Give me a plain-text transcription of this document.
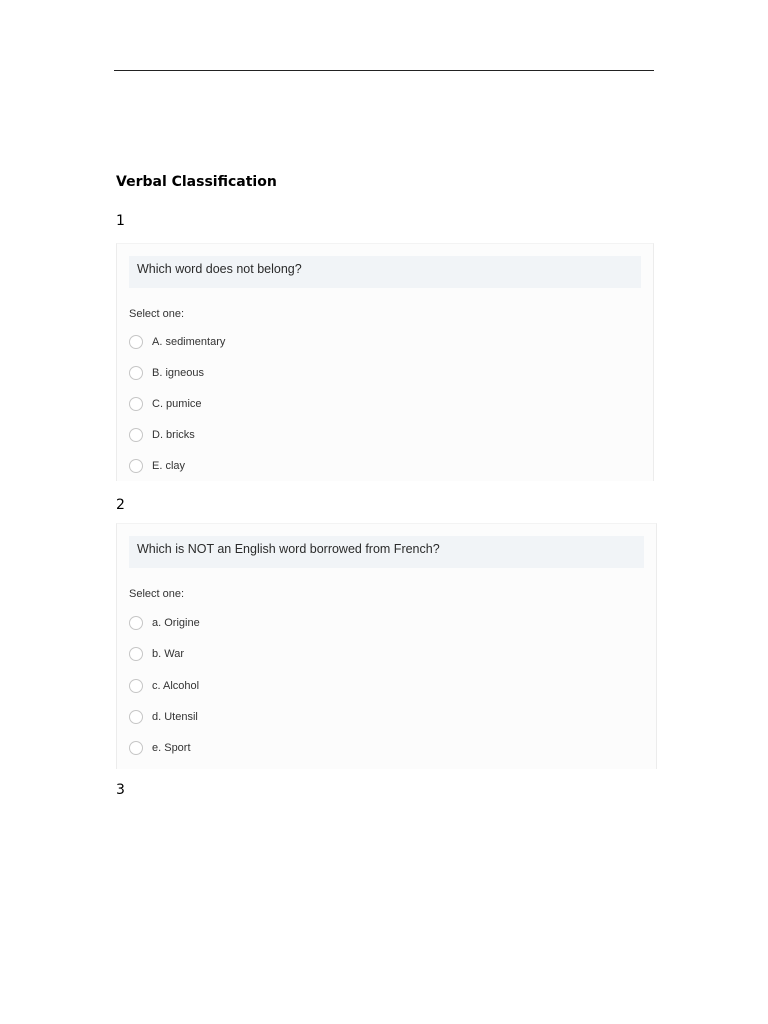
Verbal Classification
1
Which word does not belong?
Select one:
A. sedimentary
B. igneous
C. pumice
D. bricks
E. clay
2
Which is NOT an English word borrowed from French?
Select one:
a. Origine
b. War
c. Alcohol
d. Utensil
e. Sport
3
